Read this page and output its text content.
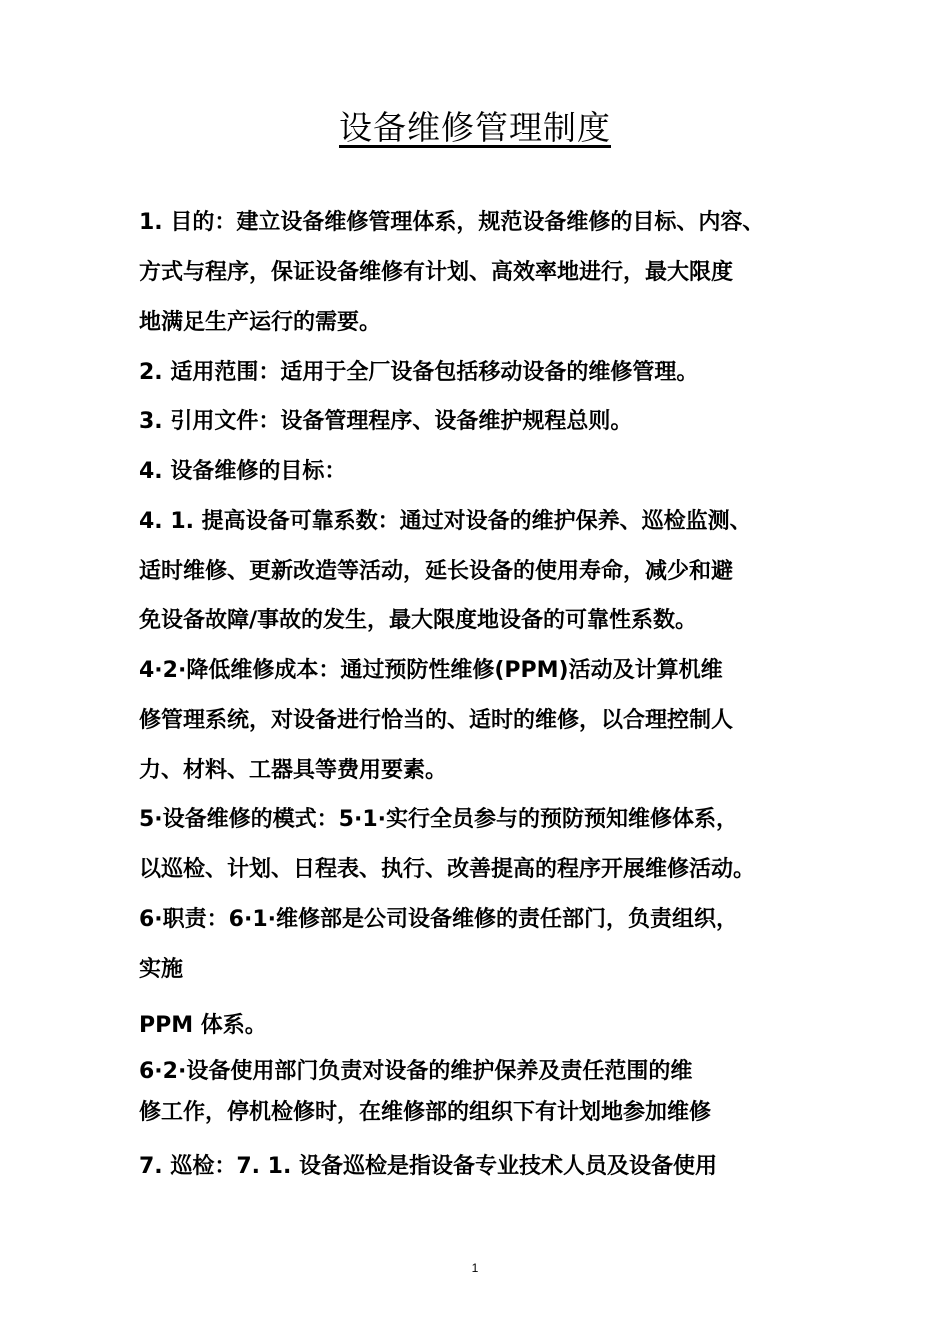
设备维修管理制度
1. 目的：建立设备维修管理体系，规范设备维修的目标、内容、
方式与程序，保证设备维修有计划、高效率地进行，最大限度
地满足生产运行的需要。
2. 适用范围：适用于全厂设备包括移动设备的维修管理。
3. 引用文件：设备管理程序、设备维护规程总则。
4. 设备维修的目标：
4. 1. 提高设备可靠系数：通过对设备的维护保养、巡检监测、
适时维修、更新改造等活动，延长设备的使用寿命，减少和避
免设备故障/事故的发生，最大限度地设备的可靠性系数。
4·2·降低维修成本：通过预防性维修(PPM)活动及计算机维
修管理系统，对设备进行恰当的、适时的维修，以合理控制人
力、材料、工器具等费用要素。
5·设备维修的模式：5·1·实行全员参与的预防预知维修体系，
以巡检、计划、日程表、执行、改善提高的程序开展维修活动。
6·职责：6·1·维修部是公司设备维修的责任部门，负责组织，
实施
PPM 体系。
6·2·设备使用部门负责对设备的维护保养及责任范围的维
修工作，停机检修时，在维修部的组织下有计划地参加维修
7. 巡检：7. 1. 设备巡检是指设备专业技术人员及设备使用
1
